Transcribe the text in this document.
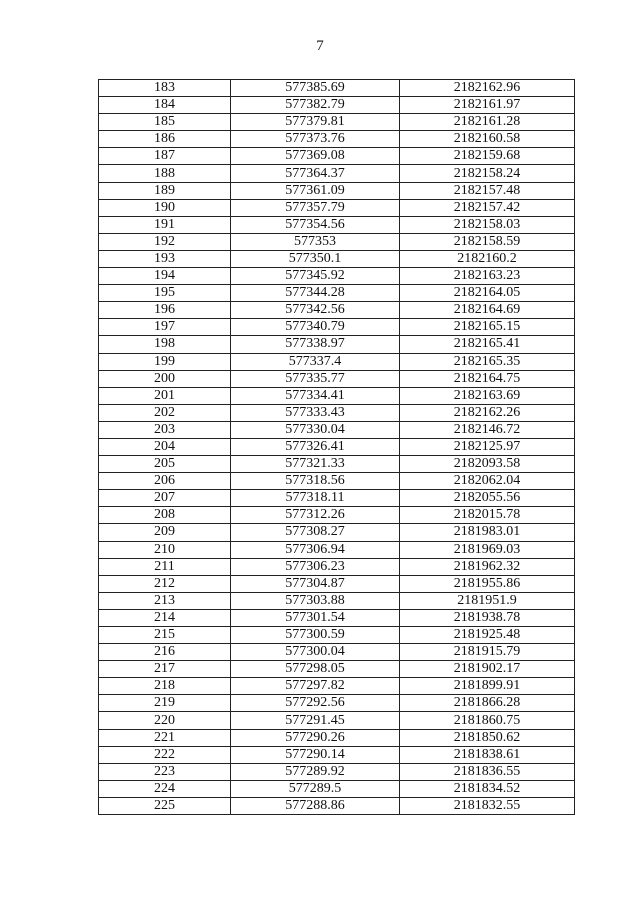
7
183	577385.69	2182162.96
184	577382.79	2182161.97
185	577379.81	2182161.28
186	577373.76	2182160.58
187	577369.08	2182159.68
188	577364.37	2182158.24
189	577361.09	2182157.48
190	577357.79	2182157.42
191	577354.56	2182158.03
192	577353	2182158.59
193	577350.1	2182160.2
194	577345.92	2182163.23
195	577344.28	2182164.05
196	577342.56	2182164.69
197	577340.79	2182165.15
198	577338.97	2182165.41
199	577337.4	2182165.35
200	577335.77	2182164.75
201	577334.41	2182163.69
202	577333.43	2182162.26
203	577330.04	2182146.72
204	577326.41	2182125.97
205	577321.33	2182093.58
206	577318.56	2182062.04
207	577318.11	2182055.56
208	577312.26	2182015.78
209	577308.27	2181983.01
210	577306.94	2181969.03
211	577306.23	2181962.32
212	577304.87	2181955.86
213	577303.88	2181951.9
214	577301.54	2181938.78
215	577300.59	2181925.48
216	577300.04	2181915.79
217	577298.05	2181902.17
218	577297.82	2181899.91
219	577292.56	2181866.28
220	577291.45	2181860.75
221	577290.26	2181850.62
222	577290.14	2181838.61
223	577289.92	2181836.55
224	577289.5	2181834.52
225	577288.86	2181832.55
